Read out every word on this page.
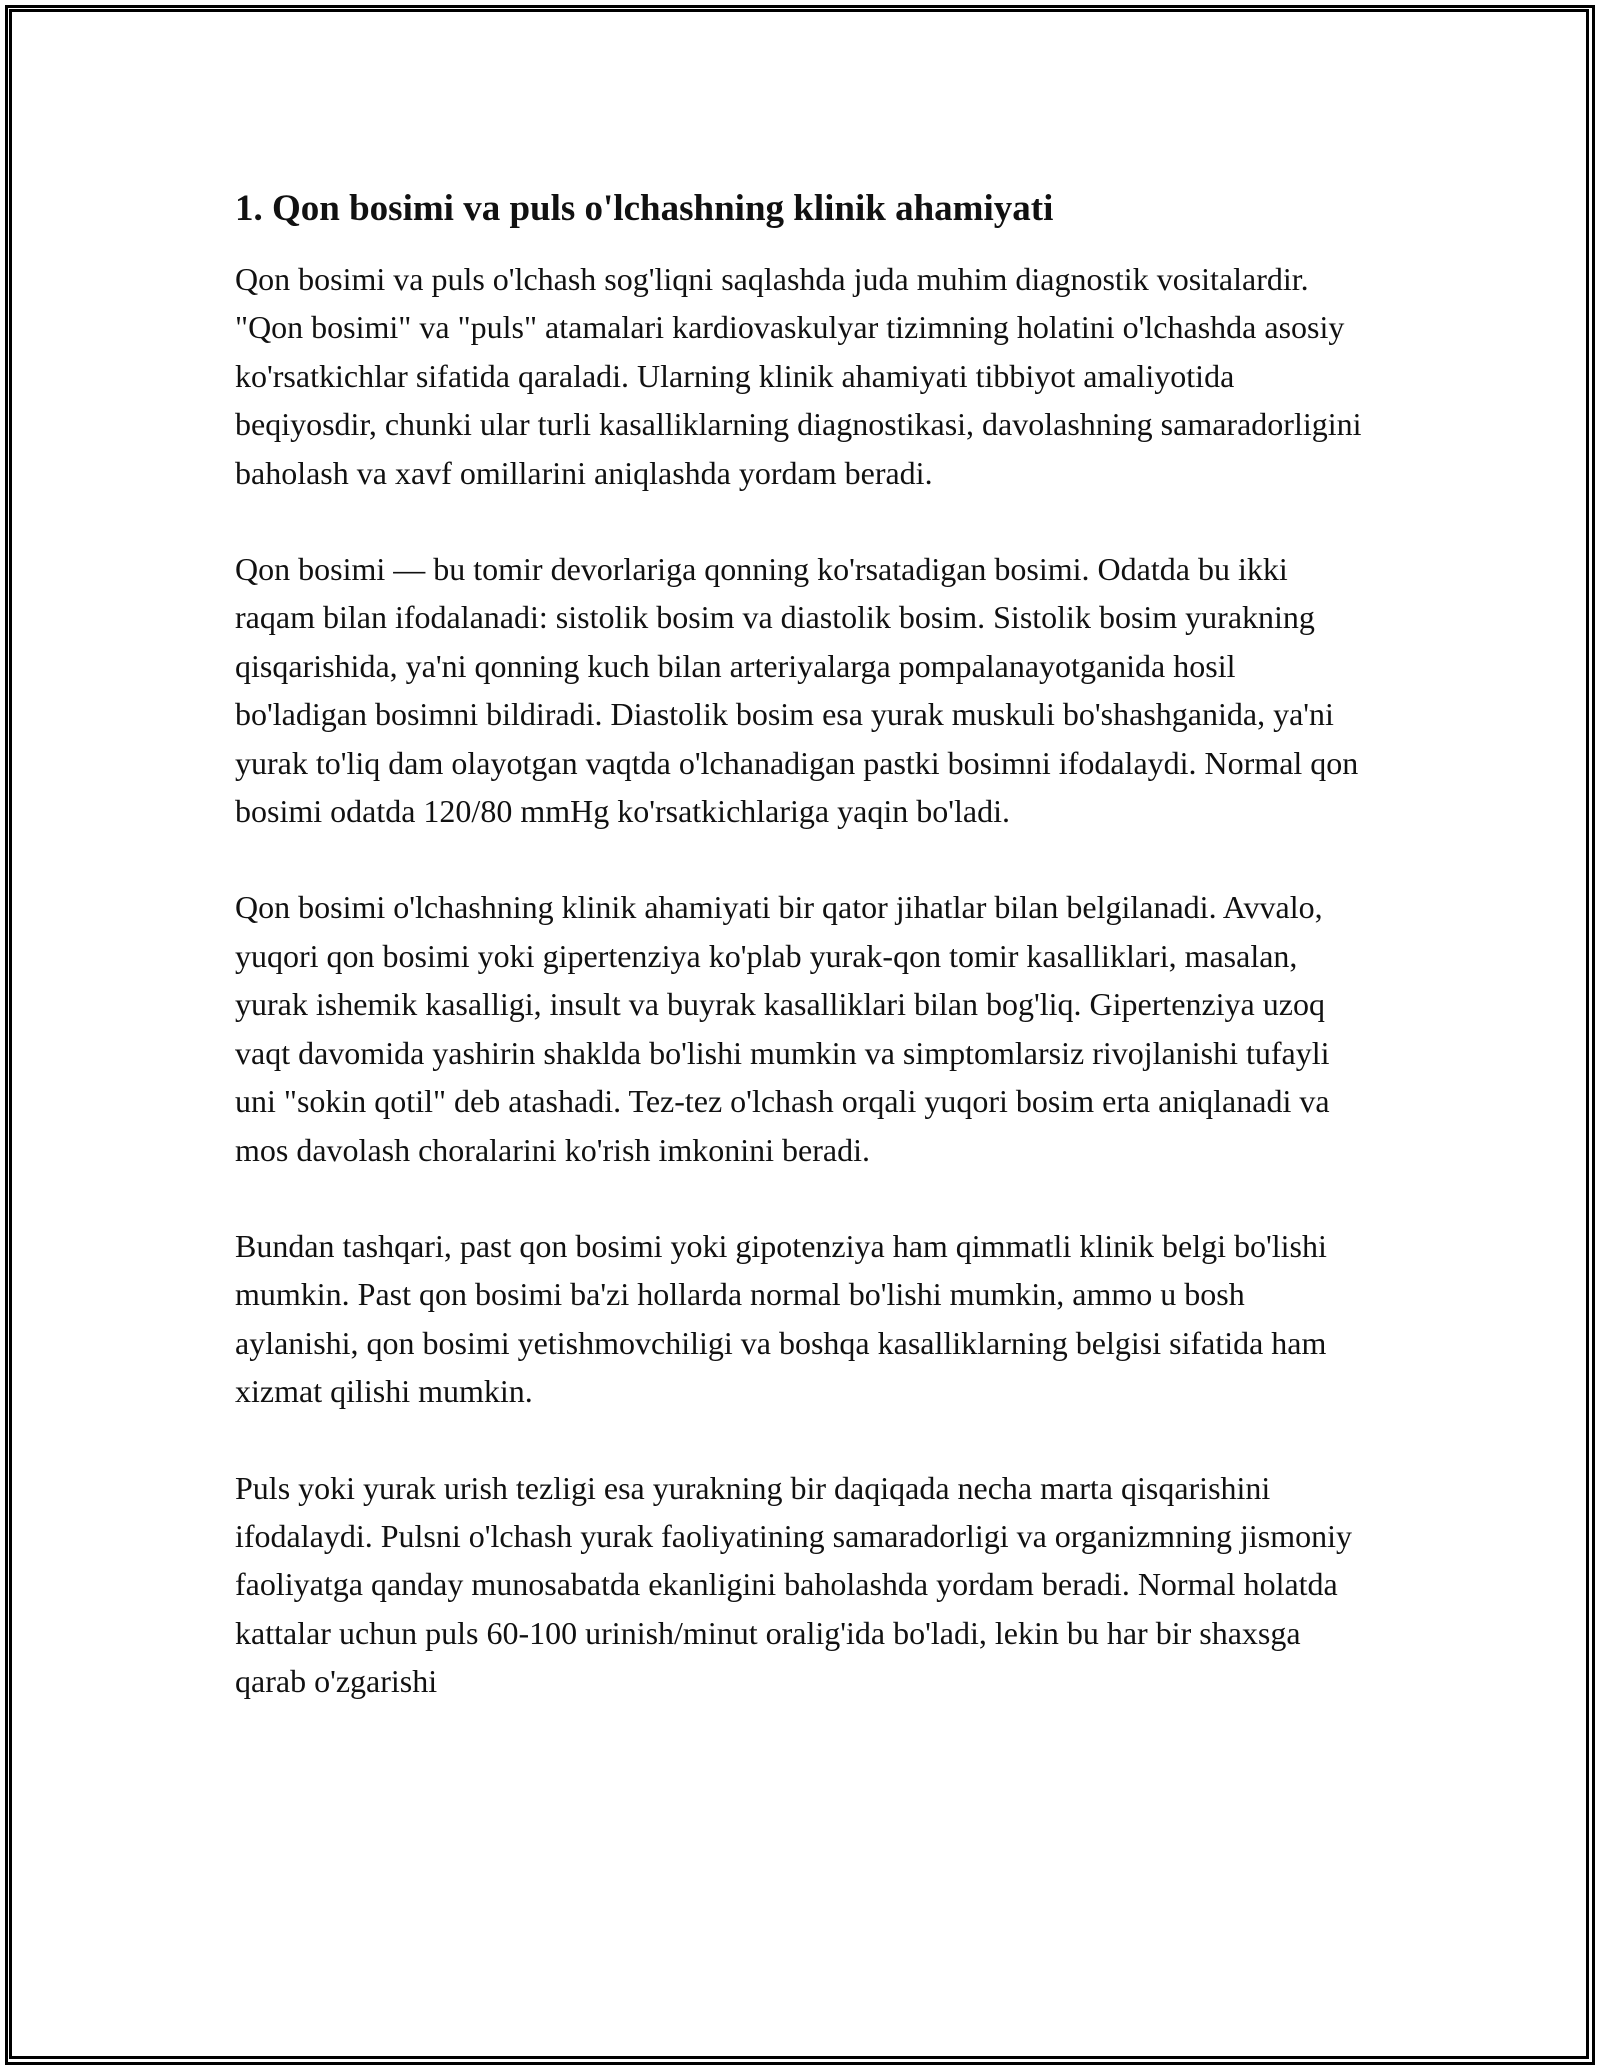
1. Qon bosimi va puls o'lchashning klinik ahamiyati

Qon bosimi va puls o'lchash sog'liqni saqlashda juda muhim diagnostik vositalardir. "Qon bosimi" va "puls" atamalari kardiovaskulyar tizimning holatini o'lchashda asosiy ko'rsatkichlar sifatida qaraladi. Ularning klinik ahamiyati tibbiyot amaliyotida beqiyosdir, chunki ular turli kasalliklarning diagnostikasi, davolashning samaradorligini baholash va xavf omillarini aniqlashda yordam beradi.

Qon bosimi — bu tomir devorlariga qonning ko'rsatadigan bosimi. Odatda bu ikki raqam bilan ifodalanadi: sistolik bosim va diastolik bosim. Sistolik bosim yurakning qisqarishida, ya'ni qonning kuch bilan arteriyalarga pompalanayotganida hosil bo'ladigan bosimni bildiradi. Diastolik bosim esa yurak muskuli bo'shashganida, ya'ni yurak to'liq dam olayotgan vaqtda o'lchanadigan pastki bosimni ifodalaydi. Normal qon bosimi odatda 120/80 mmHg ko'rsatkichlariga yaqin bo'ladi.

Qon bosimi o'lchashning klinik ahamiyati bir qator jihatlar bilan belgilanadi. Avvalo, yuqori qon bosimi yoki gipertenziya ko'plab yurak-qon tomir kasalliklari, masalan, yurak ishemik kasalligi, insult va buyrak kasalliklari bilan bog'liq. Gipertenziya uzoq vaqt davomida yashirin shaklda bo'lishi mumkin va simptomlarsiz rivojlanishi tufayli uni "sokin qotil" deb atashadi. Tez-tez o'lchash orqali yuqori bosim erta aniqlanadi va mos davolash choralarini ko'rish imkonini beradi.

Bundan tashqari, past qon bosimi yoki gipotenziya ham qimmatli klinik belgi bo'lishi mumkin. Past qon bosimi ba'zi hollarda normal bo'lishi mumkin, ammo u bosh aylanishi, qon bosimi yetishmovchiligi va boshqa kasalliklarning belgisi sifatida ham xizmat qilishi mumkin.

Puls yoki yurak urish tezligi esa yurakning bir daqiqada necha marta qisqarishini ifodalaydi. Pulsni o'lchash yurak faoliyatining samaradorligi va organizmning jismoniy faoliyatga qanday munosabatda ekanligini baholashda yordam beradi. Normal holatda kattalar uchun puls 60-100 urinish/minut oralig'ida bo'ladi, lekin bu har bir shaxsga qarab o'zgarishi
